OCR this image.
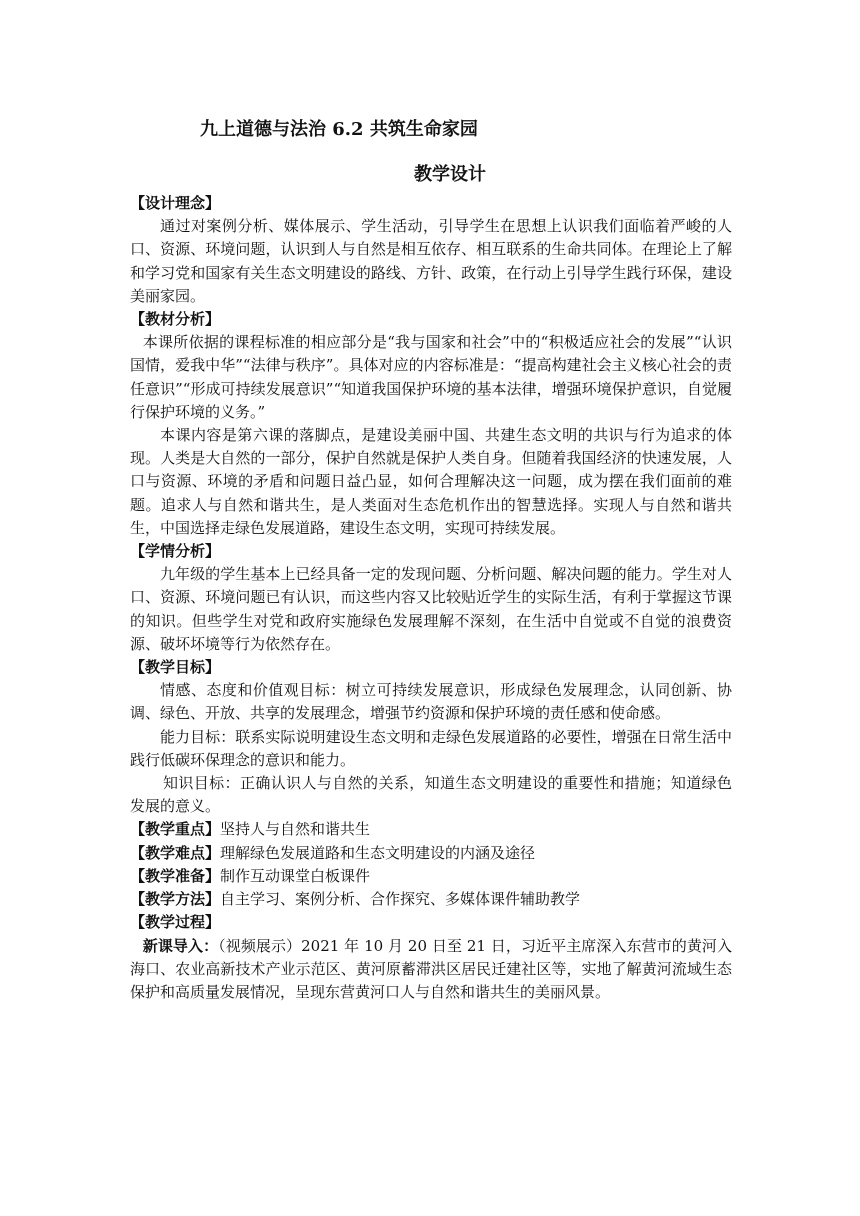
九上道德与法治 6.2 共筑生命家园
教学设计

【设计理念】

通过对案例分析、媒体展示、学生活动，引导学生在思想上认识我们面临着严峻的人口、资源、环境问题，认识到人与自然是相互依存、相互联系的生命共同体。在理论上了解和学习党和国家有关生态文明建设的路线、方针、政策，在行动上引导学生践行环保，建设美丽家园。

【教材分析】

本课所依据的课程标准的相应部分是“我与国家和社会”中的“积极适应社会的发展”“认识国情，爱我中华”“法律与秩序”。具体对应的内容标准是：“提高构建社会主义核心社会的责任意识”“形成可持续发展意识”“知道我国保护环境的基本法律，增强环境保护意识，自觉履行保护环境的义务。”

本课内容是第六课的落脚点，是建设美丽中国、共建生态文明的共识与行为追求的体现。人类是大自然的一部分，保护自然就是保护人类自身。但随着我国经济的快速发展，人口与资源、环境的矛盾和问题日益凸显，如何合理解决这一问题，成为摆在我们面前的难题。追求人与自然和谐共生，是人类面对生态危机作出的智慧选择。实现人与自然和谐共生，中国选择走绿色发展道路，建设生态文明，实现可持续发展。

【学情分析】

九年级的学生基本上已经具备一定的发现问题、分析问题、解决问题的能力。学生对人口、资源、环境问题已有认识，而这些内容又比较贴近学生的实际生活，有利于掌握这节课的知识。但些学生对党和政府实施绿色发展理解不深刻，在生活中自觉或不自觉的浪费资源、破坏坏境等行为依然存在。

【教学目标】

情感、态度和价值观目标：树立可持续发展意识，形成绿色发展理念，认同创新、协调、绿色、开放、共享的发展理念，增强节约资源和保护环境的责任感和使命感。

能力目标：联系实际说明建设生态文明和走绿色发展道路的必要性，增强在日常生活中践行低碳环保理念的意识和能力。

知识目标：正确认识人与自然的关系，知道生态文明建设的重要性和措施；知道绿色发展的意义。

【教学重点】坚持人与自然和谐共生

【教学难点】理解绿色发展道路和生态文明建设的内涵及途径

【教学准备】制作互动课堂白板课件

【教学方法】自主学习、案例分析、合作探究、多媒体课件辅助教学

【教学过程】

新课导入：（视频展示）2021 年 10 月 20 日至 21 日，习近平主席深入东营市的黄河入海口、农业高新技术产业示范区、黄河原蓄滞洪区居民迁建社区等，实地了解黄河流域生态保护和高质量发展情况，呈现东营黄河口人与自然和谐共生的美丽风景。
